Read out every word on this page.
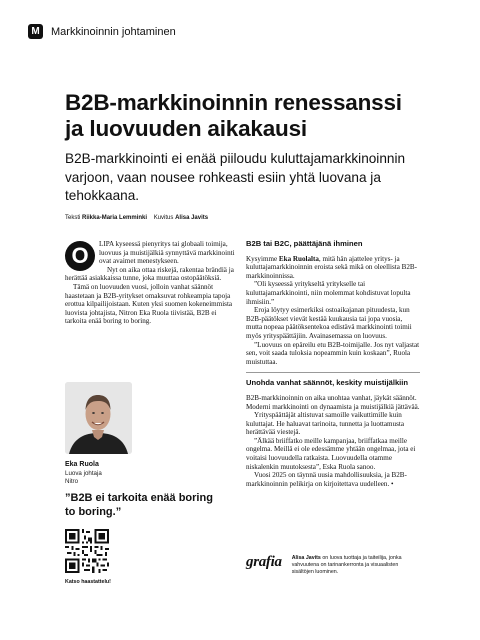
M	Markkinoinnin johtaminen
B2B-markkinoinnin renessanssi
ja luovuuden aikakausi

B2B-markkinointi ei enää piiloudu kuluttajamarkkinoinnin varjoon, vaan nousee rohkeasti esiin yhtä luovana ja tehokkaana.

Teksti Riikka-Maria Lemminki Kuvitus Alisa Javits
O	LIPA kyseessä pienyritys tai globaali toimija, luovuus ja muistijälkiä synnyttävä markkinointi ovat avaimet menestykseen.

Nyt on aika ottaa riskejä, rakentaa brändiä ja herättää asiakkaissa tunne, joka muuttaa ostopäätöksiä.

Tämä on luovuuden vuosi, jolloin vanhat säännöt haastetaan ja B2B-yritykset omaksuvat rohkeampia tapoja erottua kilpailijoistaan. Kuten yksi suomen kokeneimmista luovista johtajista, Nitron Eka Ruola tiivistää, B2B ei tarkoita enää boring to boring.

Eka Ruola
Luova johtaja
Nitro
”B2B ei tarkoita enää boring to boring.”
Katso haastattelu!
B2B tai B2C, päättäjänä ihminen

Kysyimme Eka Ruolalta, mitä hän ajattelee yritys- ja kuluttajamarkkinoinnin eroista sekä mikä on oleellista B2B-markkinoinnissa.

”Oli kyseessä yritykseltä yritykselle tai kuluttajamarkkinointi, niin molemmat kohdistuvat lopulta ihmisiin.”

Eroja löytyy esimerkiksi ostoaikajanan pituudesta, kun B2B-päätökset vievät kestää kuukausia tai jopa vuosia, mutta nopeaa päätöksentekoa edistävä markkinointi toimii myös yrityspäättäjiin. Avainasemassa on luovuus.

”Luovuus on epäreilu etu B2B-toimijalle. Jos nyt valjastat sen, voit saada tuloksia nopeammin kuin koskaan”, Ruola muistuttaa.

Unohda vanhat säännöt, keskity muistijälkiin

B2B-markkinoinnin on aika unohtaa vanhat, jäykät säännöt. Moderni markkinointi on dynaamista ja muistijälkiä jättävää.

Yrityspäättäjät altistuvat samoille vaikuttimille kuin kuluttajat. He haluavat tarinoita, tunnetta ja luottamusta herättävää viestejä.

”Älkää briiffatko meille kampanjaa, briiffatkaa meille ongelma. Meillä ei ole edessämme yhtään ongelmaa, jota ei voitaisi luovuudella ratkaista. Luovuudella otamme niskalenkin muutoksesta”, Eska Ruola sanoo.

Vuosi 2025 on täynnä uusia mahdollisuuksia, ja B2B-markkinoinnin pelikirja on kirjoitettava uudelleen. •

grafia Alisa Javits on luova tuottaja ja taiteilija, jonka vahvuutena on tarinankerronta ja visuaalisten sisältöjen luominen.
